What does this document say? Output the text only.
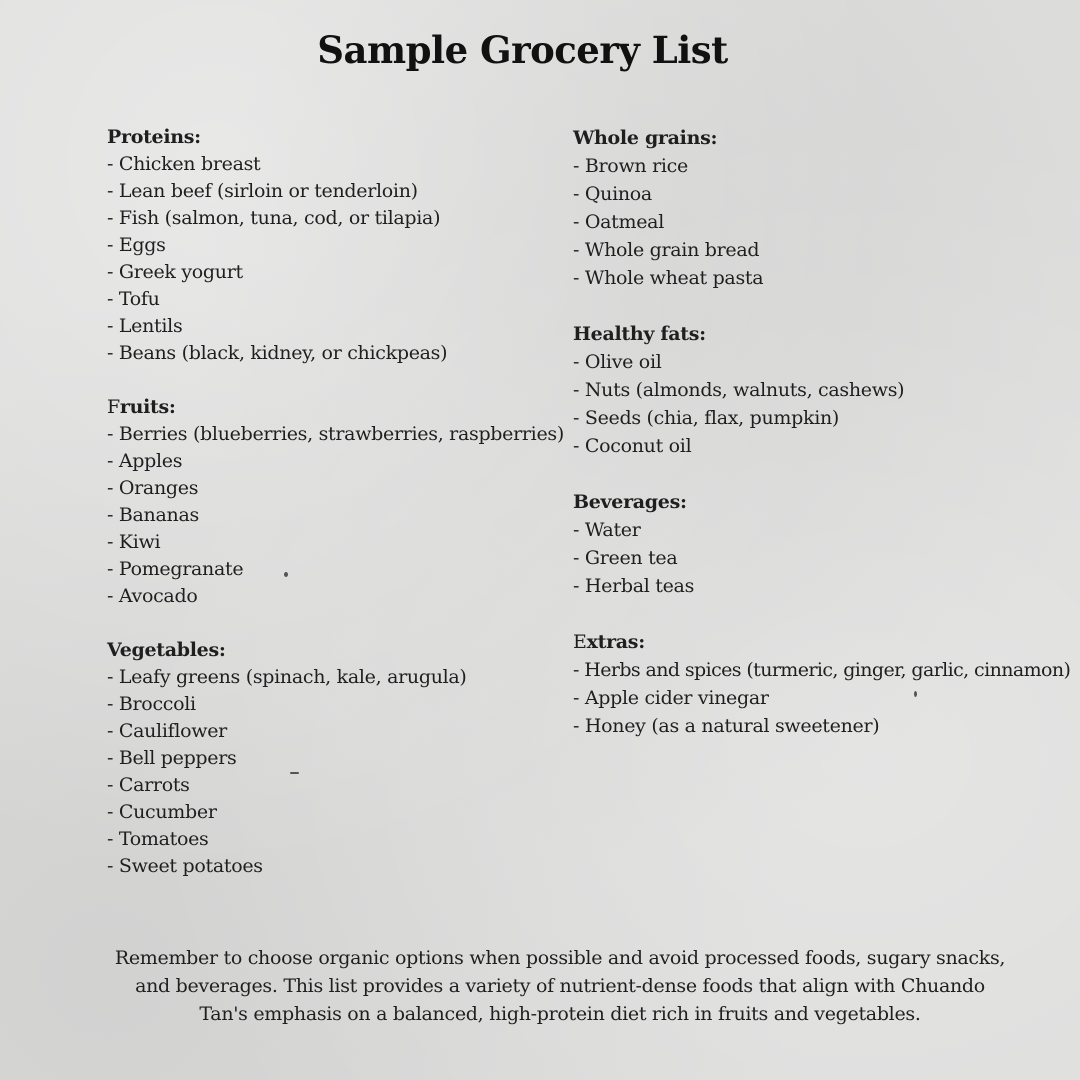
Sample Grocery List
Proteins:
- Chicken breast
- Lean beef (sirloin or tenderloin)
- Fish (salmon, tuna, cod, or tilapia)
- Eggs
- Greek yogurt
- Tofu
- Lentils
- Beans (black, kidney, or chickpeas)
Fruits:
- Berries (blueberries, strawberries, raspberries)
- Apples
- Oranges
- Bananas
- Kiwi
- Pomegranate
- Avocado
Vegetables:
- Leafy greens (spinach, kale, arugula)
- Broccoli
- Cauliflower
- Bell peppers
- Carrots
- Cucumber
- Tomatoes
- Sweet potatoes
Whole grains:
- Brown rice
- Quinoa
- Oatmeal
- Whole grain bread
- Whole wheat pasta
Healthy fats:
- Olive oil
- Nuts (almonds, walnuts, cashews)
- Seeds (chia, flax, pumpkin)
- Coconut oil
Beverages:
- Water
- Green tea
- Herbal teas
Extras:
- Herbs and spices (turmeric, ginger, garlic, cinnamon)
- Apple cider vinegar
- Honey (as a natural sweetener)
Remember to choose organic options when possible and avoid processed foods, sugary snacks,
and beverages. This list provides a variety of nutrient-dense foods that align with Chuando
Tan's emphasis on a balanced, high-protein diet rich in fruits and vegetables.
